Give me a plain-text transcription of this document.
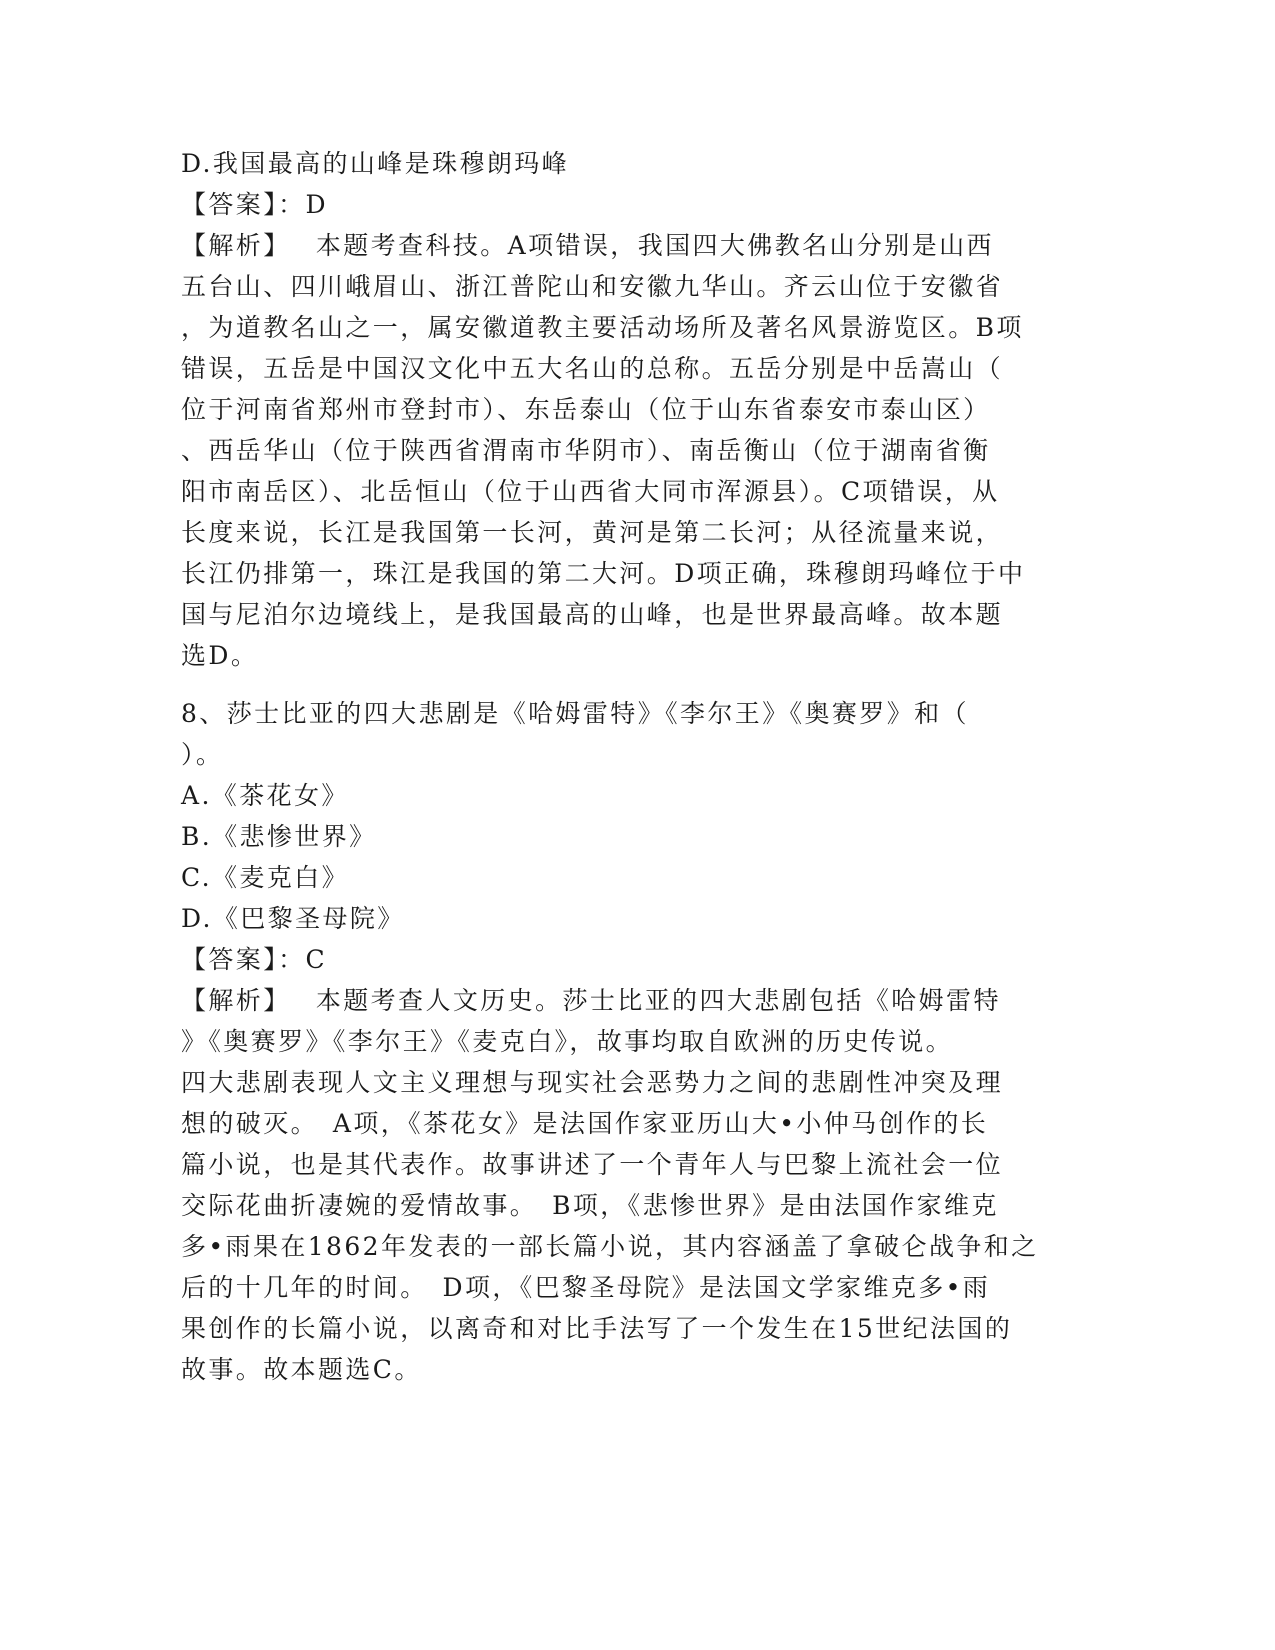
D.我国最高的山峰是珠穆朗玛峰
【答案】：D
【解析】　 本题考查科技。A项错误，我国四大佛教名山分别是山西
五台山、四川峨眉山、浙江普陀山和安徽九华山。齐云山位于安徽省
，为道教名山之一，属安徽道教主要活动场所及著名风景游览区。B项
错误，五岳是中国汉文化中五大名山的总称。五岳分别是中岳嵩山（
位于河南省郑州市登封市）、东岳泰山（位于山东省泰安市泰山区）
、西岳华山（位于陕西省渭南市华阴市）、南岳衡山（位于湖南省衡
阳市南岳区）、北岳恒山（位于山西省大同市浑源县）。C项错误，从
长度来说，长江是我国第一长河，黄河是第二长河；从径流量来说，
长江仍排第一，珠江是我国的第二大河。D项正确，珠穆朗玛峰位于中
国与尼泊尔边境线上，是我国最高的山峰，也是世界最高峰。故本题
选D。
8、莎士比亚的四大悲剧是《哈姆雷特》《李尔王》《奥赛罗》和（
）。
A.《茶花女》
B.《悲惨世界》
C.《麦克白》
D.《巴黎圣母院》
【答案】：C
【解析】　 本题考查人文历史。莎士比亚的四大悲剧包括《哈姆雷特
》《奥赛罗》《李尔王》《麦克白》，故事均取自欧洲的历史传说。
四大悲剧表现人文主义理想与现实社会恶势力之间的悲剧性冲突及理
想的破灭。　A项，《茶花女》是法国作家亚历山大•小仲马创作的长
篇小说，也是其代表作。故事讲述了一个青年人与巴黎上流社会一位
交际花曲折凄婉的爱情故事。　B项，《悲惨世界》是由法国作家维克
多•雨果在1862年发表的一部长篇小说，其内容涵盖了拿破仑战争和之
后的十几年的时间。　D项，《巴黎圣母院》是法国文学家维克多•雨
果创作的长篇小说，以离奇和对比手法写了一个发生在15世纪法国的
故事。故本题选C。
